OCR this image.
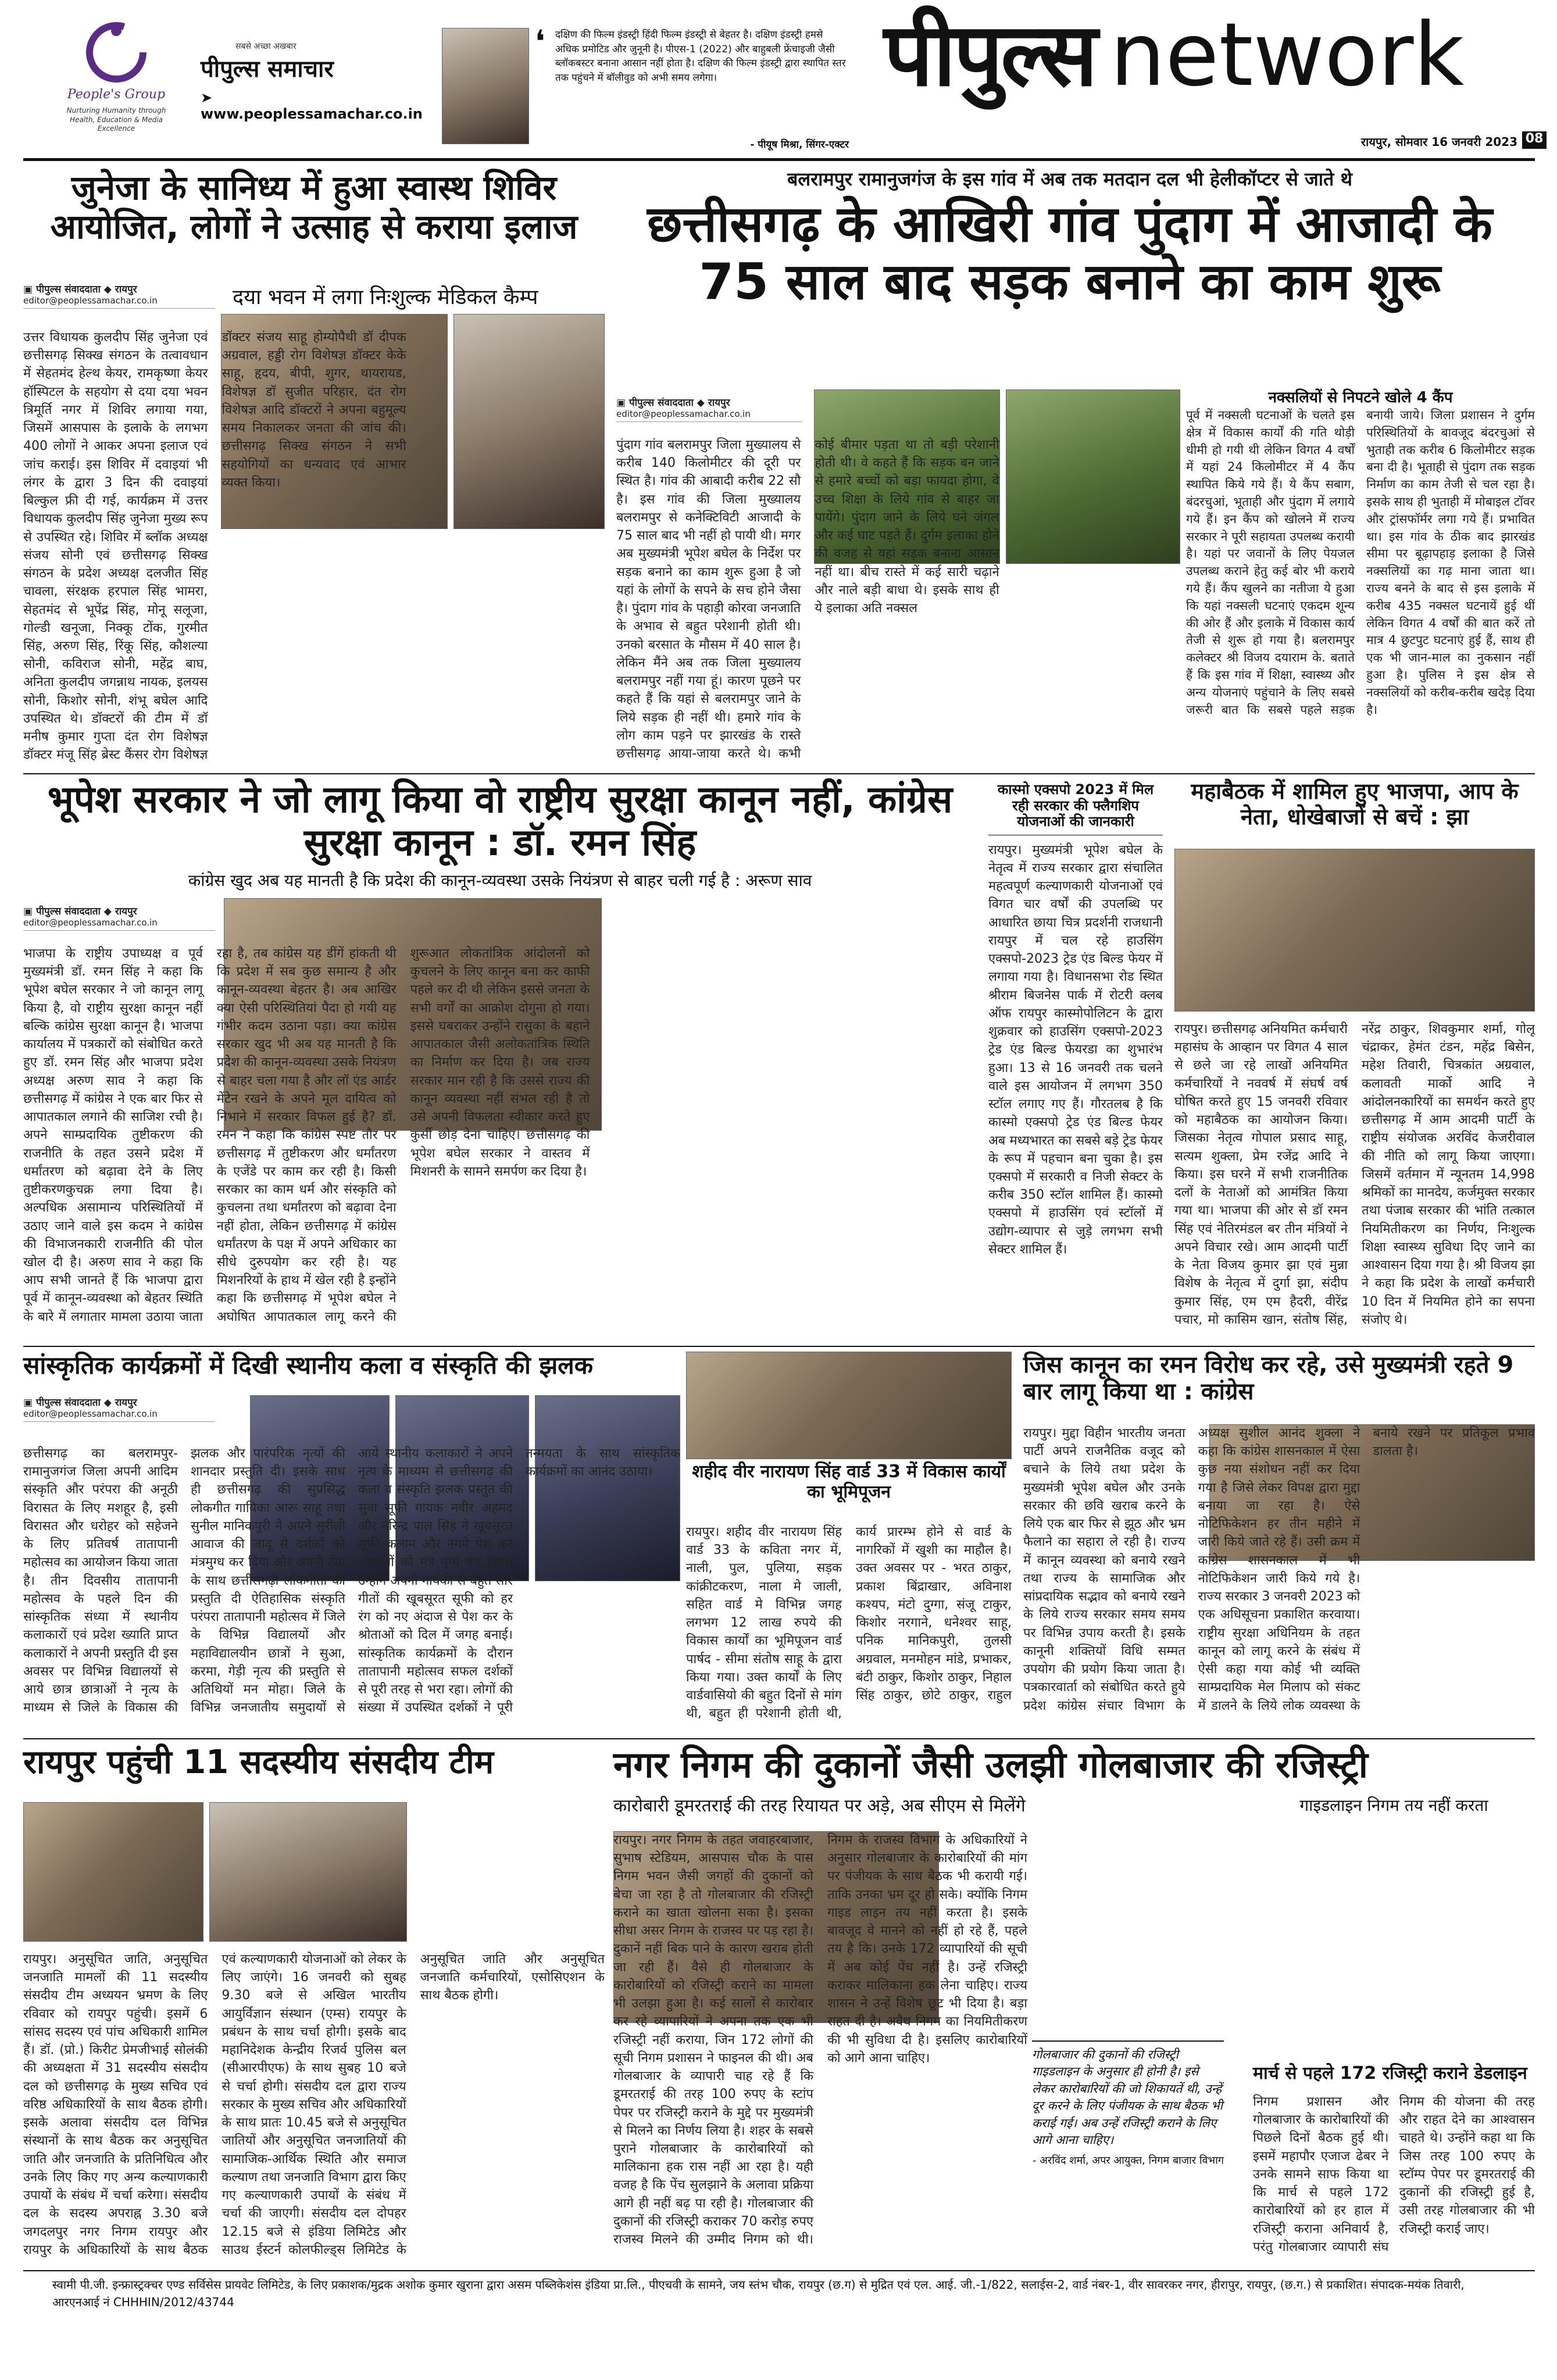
People's Group
Nurturing Humanity through Health, Education & Media Excellence
सबसे अच्छा अखबार
पीपुल्स समाचार
➤ www.peoplessamachar.co.in
❛ दक्षिण की फिल्म इंडस्ट्री हिंदी फिल्म इंडस्ट्री से बेहतर है। दक्षिण इंडस्ट्री हमसे अधिक प्रमोटिड और जुनूनी है। पीएस-1 (2022) और बाहुबली फ्रेंचाइजी जैसी ब्लॉकबस्टर बनाना आसान नहीं होता है। दक्षिण की फिल्म इंडस्ट्री द्वारा स्थापित स्तर तक पहुंचने में बॉलीवुड को अभी समय लगेगा।
- पीयूष मिश्रा, सिंगर-एक्टर
पीपुल्स network
रायपुर, सोमवार 16 जनवरी 2023 08
जुनेजा के सानिध्य में हुआ स्वास्थ शिविर आयोजित, लोगों ने उत्साह से कराया इलाज
▣ पीपुल्स संवाददाता ◆ रायपुर
editor@peoplessamachar.co.in	दया भवन में लगा निःशुल्क मेडिकल कैम्प
उत्तर विधायक कुलदीप सिंह जुनेजा एवं छत्तीसगढ़ सिक्ख संगठन के तत्वावधान में सेहतमंद हेल्थ केयर, रामकृष्णा केयर हॉस्पिटल के सहयोग से दया दया भवन त्रिमूर्ति नगर में शिविर लगाया गया, जिसमें आसपास के इलाके के लगभग 400 लोगों ने आकर अपना इलाज एवं जांच कराई। इस शिविर में दवाइयां भी लंगर के द्वारा 3 दिन की दवाइयां बिल्कुल फ्री दी गई, कार्यक्रम में उत्तर विधायक कुलदीप सिंह जुनेजा मुख्य रूप से उपस्थित रहे। शिविर में ब्लॉक अध्यक्ष संजय सोनी एवं छत्तीसगढ़ सिक्ख संगठन के प्रदेश अध्यक्ष दलजीत सिंह चावला, संरक्षक हरपाल सिंह भामरा, सेहतमंद से भूपेंद्र सिंह, मोनू सलूजा, गोल्डी खनूजा, निक्कू टोंक, गुरमीत सिंह, अरुण सिंह, रिंकू सिंह, कौशल्या सोनी, कविराज सोनी, महेंद्र बाघ, अनिता कुलदीप जगन्नाथ नायक, इलयस सोनी, किशोर सोनी, शंभू बघेल आदि उपस्थित थे। डॉक्टरों की टीम में डॉ मनीष कुमार गुप्ता दंत रोग विशेषज्ञ डॉक्टर मंजू सिंह ब्रेस्ट कैंसर रोग विशेषज्ञ डॉक्टर संजय साहू होम्योपैथी डॉ दीपक अग्रवाल, हड्डी रोग विशेषज्ञ डॉक्टर केके साहू, हृदय, बीपी, शुगर, थायरायड, विशेषज्ञ डॉ सुजीत परिहार, दंत रोग विशेषज्ञ आदि डॉक्टरों ने अपना बहुमूल्य समय निकालकर जनता की जांच की। छत्तीसगढ़ सिक्ख संगठन ने सभी सहयोगियों का धन्यवाद एवं आभार व्यक्त किया।
बलरामपुर रामानुजगंज के इस गांव में अब तक मतदान दल भी हेलीकॉप्टर से जाते थे
छत्तीसगढ़ के आखिरी गांव पुंदाग में आजादी के 75 साल बाद सड़क बनाने का काम शुरू
▣ पीपुल्स संवाददाता ◆ रायपुर
editor@peoplessamachar.co.in
पुंदाग गांव बलरामपुर जिला मुख्यालय से करीब 140 किलोमीटर की दूरी पर स्थित है। गांव की आबादी करीब 22 सौ है। इस गांव की जिला मुख्यालय बलरामपुर से कनेक्टिविटी आजादी के 75 साल बाद भी नहीं हो पायी थी। मगर अब मुख्यमंत्री भूपेश बघेल के निर्देश पर सड़क बनाने का काम शुरू हुआ है जो यहां के लोगों के सपने के सच होने जैसा है। पुंदाग गांव के पहाड़ी कोरवा जनजाति के अभाव से बहुत परेशानी होती थी। उनको बरसात के मौसम में 40 साल है। लेकिन मैंने अब तक जिला मुख्यालय बलरामपुर नहीं गया हूं। कारण पूछने पर कहते हैं कि यहां से बलरामपुर जाने के लिये सड़क ही नहीं थी। हमारे गांव के लोग काम पड़ने पर झारखंड के रास्ते छत्तीसगढ़ आया-जाया करते थे। कभी कोई बीमार पड़ता था तो बड़ी परेशानी होती थी। वे कहते हैं कि सड़क बन जाने से हमारे बच्चों को बड़ा फायदा होगा, वे उच्च शिक्षा के लिये गांव से बाहर जा पायेंगे। पुंदाग जाने के लिये घने जंगल और कई घाट पड़ते हैं। दुर्गम इलाका होने की वजह से यहां सड़क बनाना आसान नहीं था। बीच रास्ते में कई सारी चढ़ाने और नाले बड़ी बाधा थे। इसके साथ ही ये इलाका अति नक्सल
नक्सलियों से निपटने खोले 4 कैंप
पूर्व में नक्सली घटनाओं के चलते इस क्षेत्र में विकास कार्यों की गति थोड़ी धीमी हो गयी थी लेकिन विगत 4 वर्षों में यहां 24 किलोमीटर में 4 कैंप स्थापित किये गये हैं। ये कैंप सबाग, बंदरचुआं, भूताही और पुंदाग में लगाये गये हैं। इन कैंप को खोलने में राज्य सरकार ने पूरी सहायता उपलब्ध करायी है। यहां पर जवानों के लिए पेयजल उपलब्ध कराने हेतु कई बोर भी कराये गये हैं। कैंप खुलने का नतीजा ये हुआ कि यहां नक्सली घटनाएं एकदम शून्य की ओर हैं और इलाके में विकास कार्य तेजी से शुरू हो गया है। बलरामपुर कलेक्टर श्री विजय दयाराम के. बताते हैं कि इस गांव में शिक्षा, स्वास्थ्य और अन्य योजनाएं पहुंचाने के लिए सबसे जरूरी बात कि सबसे पहले सड़क बनायी जाये। जिला प्रशासन ने दुर्गम परिस्थितियों के बावजूद बंदरचुआं से भुताही तक करीब 6 किलोमीटर सड़क बना दी है। भूताही से पुंदाग तक सड़क निर्माण का काम तेजी से चल रहा है। इसके साथ ही भुताही में मोबाइल टॉवर और ट्रांसफॉर्मर लगा गये हैं। प्रभावित था। इस गांव के ठीक बाद झारखंड सीमा पर बूढ़ापहाड़ इलाका है जिसे नक्सलियों का गढ़ माना जाता था। राज्य बनने के बाद से इस इलाके में करीब 435 नक्सल घटनायें हुई थीं लेकिन विगत 4 वर्षों की बात करें तो मात्र 4 छुटपुट घटनाएं हुई हैं, साथ ही एक भी जान-माल का नुकसान नहीं हुआ है। पुलिस ने इस क्षेत्र से नक्सलियों को करीब-करीब खदेड़ दिया है।
भूपेश सरकार ने जो लागू किया वो राष्ट्रीय सुरक्षा कानून नहीं, कांग्रेस सुरक्षा कानून : डॉ. रमन सिंह
कांग्रेस खुद अब यह मानती है कि प्रदेश की कानून-व्यवस्था उसके नियंत्रण से बाहर चली गई है : अरूण साव
▣ पीपुल्स संवाददाता ◆ रायपुर
editor@peoplessamachar.co.in
भाजपा के राष्ट्रीय उपाध्यक्ष व पूर्व मुख्यमंत्री डॉ. रमन सिंह ने कहा कि भूपेश बघेल सरकार ने जो कानून लागू किया है, वो राष्ट्रीय सुरक्षा कानून नहीं बल्कि कांग्रेस सुरक्षा कानून है। भाजपा कार्यालय में पत्रकारों को संबोधित करते हुए डॉ. रमन सिंह और भाजपा प्रदेश अध्यक्ष अरुण साव ने कहा कि छत्तीसगढ़ में कांग्रेस ने एक बार फिर से आपातकाल लगाने की साजिश रची है। अपने साम्प्रदायिक तुष्टीकरण की राजनीति के तहत उसने प्रदेश में धर्मांतरण को बढ़ावा देने के लिए तुष्टीकरणकुचक्र लगा दिया है। अल्पधिक असामान्य परिस्थितियों में उठाए जाने वाले इस कदम ने कांग्रेस की विभाजनकारी राजनीति की पोल खोल दी है। अरुण साव ने कहा कि आप सभी जानते हैं कि भाजपा द्वारा पूर्व में कानून-व्यवस्था को बेहतर स्थिति के बारे में लगातार मामला उठाया जाता रहा है, तब कांग्रेस यह डींगें हांकती थी कि प्रदेश में सब कुछ समान्य है और कानून-व्यवस्था बेहतर है। अब आखिर क्या ऐसी परिस्थितियां पैदा हो गयी यह गंभीर कदम उठाना पड़ा। क्या कांग्रेस सरकार खुद भी अब यह मानती है कि प्रदेश की कानून-व्यवस्था उसके नियंत्रण से बाहर चला गया है और लॉ एंड आर्डर मेंटेन रखने के अपने मूल दायित्व को निभाने में सरकार विफल हुई है? डॉ. रमन ने कहा कि कांग्रेस स्पष्ट तौर पर छत्तीसगढ़ में तुष्टीकरण और धर्मांतरण के एजेंडे पर काम कर रही है। किसी सरकार का काम धर्म और संस्कृति को कुचलना तथा धर्मांतरण को बढ़ावा देना नहीं होता, लेकिन छत्तीसगढ़ में कांग्रेस धर्मांतरण के पक्ष में अपने अधिकार का सीधे दुरुपयोग कर रही है। यह मिशनरियों के हाथ में खेल रही है इन्होंने कहा कि छत्तीसगढ़ में भूपेश बघेल ने अघोषित आपातकाल लागू करने की शुरूआत लोकतांत्रिक आंदोलनों को कुचलने के लिए कानून बना कर काफी पहले कर दी थी लेकिन इससे जनता के सभी वर्गों का आक्रोश दोगुना हो गया। इससे घबराकर उन्होंने रासुका के बहाने आपातकाल जैसी अलोकतांत्रिक स्थिति का निर्माण कर दिया है। जब राज्य सरकार मान रही है कि उससे राज्य की कानून व्यवस्था नहीं संभल रही है तो उसे अपनी विफलता स्वीकार करते हुए कुर्सी छोड़ देना चाहिए। छत्तीसगढ़ की भूपेश बघेल सरकार ने वास्तव में मिशनरी के सामने समर्पण कर दिया है।
कास्मो एक्सपो 2023 में मिल रही सरकार की फ्लैगशिप योजनाओं की जानकारी
रायपुर। मुख्यमंत्री भूपेश बघेल के नेतृत्व में राज्य सरकार द्वारा संचालित महत्वपूर्ण कल्याणकारी योजनाओं एवं विगत चार वर्षों की उपलब्धि पर आधारित छाया चित्र प्रदर्शनी राजधानी रायपुर में चल रहे हाउसिंग एक्सपो-2023 ट्रेड एंड बिल्ड फेयर में लगाया गया है। विधानसभा रोड स्थित श्रीराम बिजनेस पार्क में रोटरी क्लब ऑफ रायपुर कास्मोपोलिटन के द्वारा शुक्रवार को हाउसिंग एक्सपो-2023 ट्रेड एंड बिल्ड फेयरडा का शुभारंभ हुआ। 13 से 16 जनवरी तक चलने वाले इस आयोजन में लगभग 350 स्टॉल लगाए गए हैं। गौरतलब है कि कास्मो एक्सपो ट्रेड एंड बिल्ड फेयर अब मध्यभारत का सबसे बड़े ट्रेड फेयर के रूप में पहचान बना चुका है। इस एक्सपो में सरकारी व निजी सेक्टर के करीब 350 स्टॉल शामिल हैं। कास्मो एक्सपो में हाउसिंग एवं स्टॉलों में उद्योग-व्यापार से जुड़े लगभग सभी सेक्टर शामिल हैं।
महाबैठक में शामिल हुए भाजपा, आप के नेता, धोखेबाजों से बचें : झा
रायपुर। छत्तीसगढ़ अनियमित कर्मचारी महासंघ के आव्हान पर विगत 4 साल से छले जा रहे लाखों अनियमित कर्मचारियों ने नववर्ष में संघर्ष वर्ष घोषित करते हुए 15 जनवरी रविवार को महाबैठक का आयोजन किया। जिसका नेतृत्व गोपाल प्रसाद साहू, सत्यम शुक्ला, प्रेम रजेंद्र आदि ने किया। इस घरने में सभी राजनीतिक दलों के नेताओं को आमंत्रित किया गया था। भाजपा की ओर से डॉ रमन सिंह एवं नेतिरमंडल बर तीन मंत्रियों ने अपने विचार रखे। आम आदमी पार्टी के नेता विजय कुमार झा एवं मुन्ना विशेष के नेतृत्व में दुर्गा झा, संदीप कुमार सिंह, एम एम हैदरी, वीरेंद्र पचार, मो कासिम खान, संतोष सिंह, नरेंद्र ठाकुर, शिवकुमार शर्मा, गोलू चंद्राकर, हेमंत टंडन, महेंद्र बिसेन, महेश तिवारी, चित्रकांत अग्रवाल, कलावती मार्को आदि ने आंदोलनकारियों का समर्थन करते हुए छत्तीसगढ़ में आम आदमी पार्टी के राष्ट्रीय संयोजक अरविंद केजरीवाल की नीति को लागू किया जाएगा। जिसमें वर्तमान में न्यूनतम 14,998 श्रमिकों का मानदेय, कर्जमुक्त सरकार तथा पंजाब सरकार की भांति तत्काल नियमितीकरण का निर्णय, निःशुल्क शिक्षा स्वास्थ्य सुविधा दिए जाने का आश्वासन दिया गया है। श्री विजय झा ने कहा कि प्रदेश के लाखों कर्मचारी 10 दिन में नियमित होने का सपना संजोए थे।
सांस्कृतिक कार्यक्रमों में दिखी स्थानीय कला व संस्कृति की झलक
▣ पीपुल्स संवाददाता ◆ रायपुर
editor@peoplessamachar.co.in
छत्तीसगढ़ का बलरामपुर-रामानुजगंज जिला अपनी आदिम संस्कृति और परंपरा की अनूठी विरासत के लिए मशहूर है, इसी विरासत और धरोहर को सहेजने के लिए प्रतिवर्ष तातापानी महोत्सव का आयोजन किया जाता है। तीन दिवसीय तातापानी महोत्सव के पहले दिन की सांस्कृतिक संध्या में स्थानीय कलाकारों एवं प्रदेश ख्याति प्राप्त कलाकारों ने अपनी प्रस्तुति दी इस अवसर पर विभिन्न विद्यालयों से आये छात्र छात्राओं ने नृत्य के माध्यम से जिले के विकास की झलक और पारंपरिक नृत्यों की शानदार प्रस्तुति दी। इसके साथ ही छत्तीसगढ़ की सुप्रसिद्ध लोकगीत गायिका आरू साहू तथा सुनील मानिकपुरी ने अपने सुरीली आवाज की जादू से दर्शकों को मंत्रमुग्ध कर दिया और अपनी टीम के साथ छत्तीसगढ़ी लोकगीतों की प्रस्तुति दी ऐतिहासिक संस्कृति परंपरा तातापानी महोत्सव में जिले के विभिन्न विद्यालयों और महाविद्यालयीन छात्रों ने सुआ, करमा, गेड़ी नृत्य की प्रस्तुति से अतिथियों मन मोहा। जिले के विभिन्न जनजातीय समुदायों से आये स्थानीय कलाकारों ने अपने नृत्य के माध्यम से छत्तीसगढ़ की कला व संस्कृति झलक प्रस्तुत की सुवा सूफी गायक नवीर अहमद और नरिन्द्र पाल सिंह ने खूबसूरत सूफी कलाम और नगमे पेश कर श्रोताओं को मंत्र मुग्ध कर दिया। उन्होंने अपनी गायकी से बहुत सारे गीतों की खूबसूरत सूफी को हर रंग को नए अंदाज से पेश कर के श्रोताओं को दिल में जगह बनाई। सांस्कृतिक कार्यक्रमों के दौरान तातापानी महोत्सव सफल दर्शकों से पूरी तरह से भरा रहा। लोगों की संख्या में उपस्थित दर्शकों ने पूरी तन्मयता के साथ सांस्कृतिक कार्यक्रमों का आनंद उठाया।	शहीद वीर नारायण सिंह वार्ड 33 में विकास कार्यों का भूमिपूजन
रायपुर। शहीद वीर नारायण सिंह वार्ड 33 के कविता नगर में, नाली, पुल, पुलिया, सड़क कांक्रीटकरण, नाला मे जाली, सहित वार्ड मे विभिन्न जगह लगभग 12 लाख रुपये की विकास कार्यों का भूमिपूजन वार्ड पार्षद - सीमा संतोष साहू के द्वारा किया गया। उक्त कार्यों के लिए वार्डवासियो की बहुत दिनों से मांग थी, बहुत ही परेशानी होती थी, कार्य प्रारम्भ होने से वार्ड के नागरिकों में खुशी का माहौल है। उक्त अवसर पर - भरत ठाकुर, प्रकाश बिंद्राखार, अविनाश कश्यप, मंटो दुग्गा, संजू टाकुर, किशोर नरगाने, धनेश्वर साहू, पनिक मानिकपुरी, तुलसी अग्रवाल, मनमोहन मांडे, प्रभाकर, बंटी ठाकुर, किशोर ठाकुर, निहाल सिंह ठाकुर, छोटे ठाकुर, राहुल
जिस कानून का रमन विरोध कर रहे, उसे मुख्यमंत्री रहते 9 बार लागू किया था : कांग्रेस
रायपुर। मुद्दा विहीन भारतीय जनता पार्टी अपने राजनैतिक वजूद को बचाने के लिये तथा प्रदेश के मुख्यमंत्री भूपेश बघेल और उनके सरकार की छवि खराब करने के लिये एक बार फिर से झूठ और भ्रम फैलाने का सहारा ले रही है। राज्य में कानून व्यवस्था को बनाये रखने तथा राज्य के सामाजिक और सांप्रदायिक सद्भाव को बनाये रखने के लिये राज्य सरकार समय समय पर विभिन्न उपाय करती है। इसके कानूनी शक्तियों विधि सम्मत उपयोग की प्रयोग किया जाता है। पत्रकारवार्ता को संबोधित करते हुये प्रदेश कांग्रेस संचार विभाग के अध्यक्ष सुशील आनंद शुक्ला ने कहा कि कांग्रेस शासनकाल में ऐसा कुछ नया संशोधन नहीं कर दिया गया है जिसे लेकर विपक्ष द्वारा मुद्दा बनाया जा रहा है। ऐसे नोटिफिकेशन हर तीन महीने में जारी किये जाते रहे हैं। उसी क्रम में कांग्रेस शासनकाल में भी नोटिफिकेशन जारी किये गये है। राज्य सरकार 3 जनवरी 2023 को एक अधिसूचना प्रकाशित करवाया। राष्ट्रीय सुरक्षा अधिनियम के तहत कानून को लागू करने के संबंध में ऐसी कहा गया कोई भी व्यक्ति साम्प्रदायिक मेल मिलाप को संकट में डालने के लिये लोक व्यवस्था के बनाये रखने पर प्रतिकूल प्रभाव डालता है।
रायपुर पहुंची 11 सदस्यीय संसदीय टीम
रायपुर। अनुसूचित जाति, अनुसूचित जनजाति मामलों की 11 सदस्यीय संसदीय टीम अध्ययन भ्रमण के लिए रविवार को रायपुर पहुंची। इसमें 6 सांसद सदस्य एवं पांच अधिकारी शामिल हैं। डॉ. (प्रो.) किरीट प्रेमजीभाई सोलंकी की अध्यक्षता में 31 सदस्यीय संसदीय दल को छत्तीसगढ़ के मुख्य सचिव एवं वरिष्ठ अधिकारियों के साथ बैठक होगी। इसके अलावा संसदीय दल विभिन्न संस्थानों के साथ बैठक कर अनुसूचित जाति और जनजाति के प्रतिनिधित्व और उनके लिए किए गए अन्य कल्याणकारी उपायों के संबंध में चर्चा करेगा। संसदीय दल के सदस्य अपराह्न 3.30 बजे जगदलपुर नगर निगम रायपुर और रायपुर के अधिकारियों के साथ बैठक एवं कल्याणकारी योजनाओं को लेकर के लिए जाएंगे। 16 जनवरी को सुबह 9.30 बजे से अखिल भारतीय आयुर्विज्ञान संस्थान (एम्स) रायपुर के प्रबंधन के साथ चर्चा होगी। इसके बाद महानिदेशक केन्द्रीय रिजर्व पुलिस बल (सीआरपीएफ) के साथ सुबह 10 बजे से चर्चा होगी। संसदीय दल द्वारा राज्य सरकार के मुख्य सचिव और अधिकारियों के साथ प्रातः 10.45 बजे से अनुसूचित जातियों और अनुसूचित जनजातियों की सामाजिक-आर्थिक स्थिति और समाज कल्याण तथा जनजाति विभाग द्वारा किए गए कल्याणकारी उपायों के संबंध में चर्चा की जाएगी। संसदीय दल दोपहर 12.15 बजे से इंडिया लिमिटेड और साउथ ईस्टर्न कोलफील्ड्स लिमिटेड के अनुसूचित जाति और अनुसूचित जनजाति कर्मचारियों, एसोसिएशन के साथ बैठक होगी।
नगर निगम की दुकानों जैसी उलझी गोलबाजार की रजिस्ट्री
कारोबारी डूमरतराई की तरह रियायत पर अड़े, अब सीएम से मिलेंगे
रायपुर। नगर निगम के तहत जवाहरबाजार, सुभाष स्टेडियम, आसपास चौक के पास निगम भवन जैसी जगहों की दुकानों को बेचा जा रहा है तो गोलबाजार की रजिस्ट्री कराने का खाता खोलना सका है। इसका सीधा असर निगम के राजस्व पर पड़ रहा है। दुकानें नहीं बिक पाने के कारण खराब होती जा रही हैं। वैसे ही गोलबाजार के कारोबारियों को रजिस्ट्री कराने का मामला भी उलझा हुआ है। कई सालों से कारोबार कर रहे व्यापारियों ने अपना तक एक भी रजिस्ट्री नहीं कराया, जिन 172 लोगों की सूची निगम प्रशासन ने फाइनल की थी। अब गोलबाजार के व्यापारी चाह रहे हैं कि डूमरतराई की तरह 100 रुपए के स्टांप पेपर पर रजिस्ट्री कराने के मुद्दे पर मुख्यमंत्री से मिलने का निर्णय लिया है। शहर के सबसे पुराने गोलबाजार के कारोबारियों को मालिकाना हक रास नहीं आ रहा है। यही वजह है कि पेंच सुलझाने के अलावा प्रक्रिया आगे ही नहीं बढ़ पा रही है। गोलबाजार की दुकानों की रजिस्ट्री कराकर 70 करोड़ रुपए राजस्व मिलने की उम्मीद निगम को थी। निगम के राजस्व विभाग के अधिकारियों ने अनुसार गोलबाजार के कारोबारियों की मांग पर पंजीयक के साथ बैठक भी करायी गई। ताकि उनका भ्रम दूर हो सके। क्योंकि निगम गाइड लाइन तय नहीं करता है। इसके बावजूद वे मानने को नहीं हो रहे हैं, पहले तय है कि। उनके 172 व्यापारियों की सूची में अब कोई पेंच नहीं है। उन्हें रजिस्ट्री कराकर मालिकाना हक लेना चाहिए। राज्य शासन ने उन्हें विशेष छूट भी दिया है। बड़ा राहत दी है। अवैध निगम का नियमितीकरण की भी सुविधा दी है। इसलिए कारोबारियों को आगे आना चाहिए।	गोलबाजार की दुकानों की रजिस्ट्री गाइडलाइन के अनुसार ही होनी है। इसे लेकर कारोबारियों की जो शिकायतें थी, उन्हें दूर करने के लिए पंजीयक के साथ बैठक भी कराई गई। अब उन्हें रजिस्ट्री कराने के लिए आगे आना चाहिए।
- अरविंद शर्मा, अपर आयुक्त, निगम बाजार विभाग
गाइडलाइन निगम तय नहीं करता
मार्च से पहले 172 रजिस्ट्री कराने डेडलाइन
निगम प्रशासन और गोलबाजार के कारोबारियों की पिछले दिनों बैठक हुई थी। इसमें महापौर एजाज ढेबर ने उनके सामने साफ किया था कि मार्च से पहले 172 कारोबारियों को हर हाल में रजिस्ट्री कराना अनिवार्य है, परंतु गोलबाजार व्यापारी संघ निगम की योजना की तरह और राहत देने का आश्वासन चाहते थे। उन्होंने कहा था कि जिस तरह 100 रुपए के स्टॉम्प पेपर पर डूमरतराई की दुकानों की रजिस्ट्री हुई है, उसी तरह गोलबाजार की भी रजिस्ट्री कराई जाए।
स्वामी पी.जी. इन्फ्रास्ट्रक्चर एण्ड सर्विसेस प्रायवेट लिमिटेड, के लिए प्रकाशक/मुद्रक अशोक कुमार खुराना द्वारा असम पब्लिकेशंस इंडिया प्रा.लि., पीएचवी के सामने, जय स्तंभ चौक, रायपुर (छ.ग) से मुद्रित एवं एल. आई. जी.-1/822, सलाईस-2, वार्ड नंबर-1, वीर सावरकर नगर, हीरापुर, रायपुर, (छ.ग.) से प्रकाशित। संपादक-मयंक तिवारी, आरएनआई नं CHHHIN/2012/43744
